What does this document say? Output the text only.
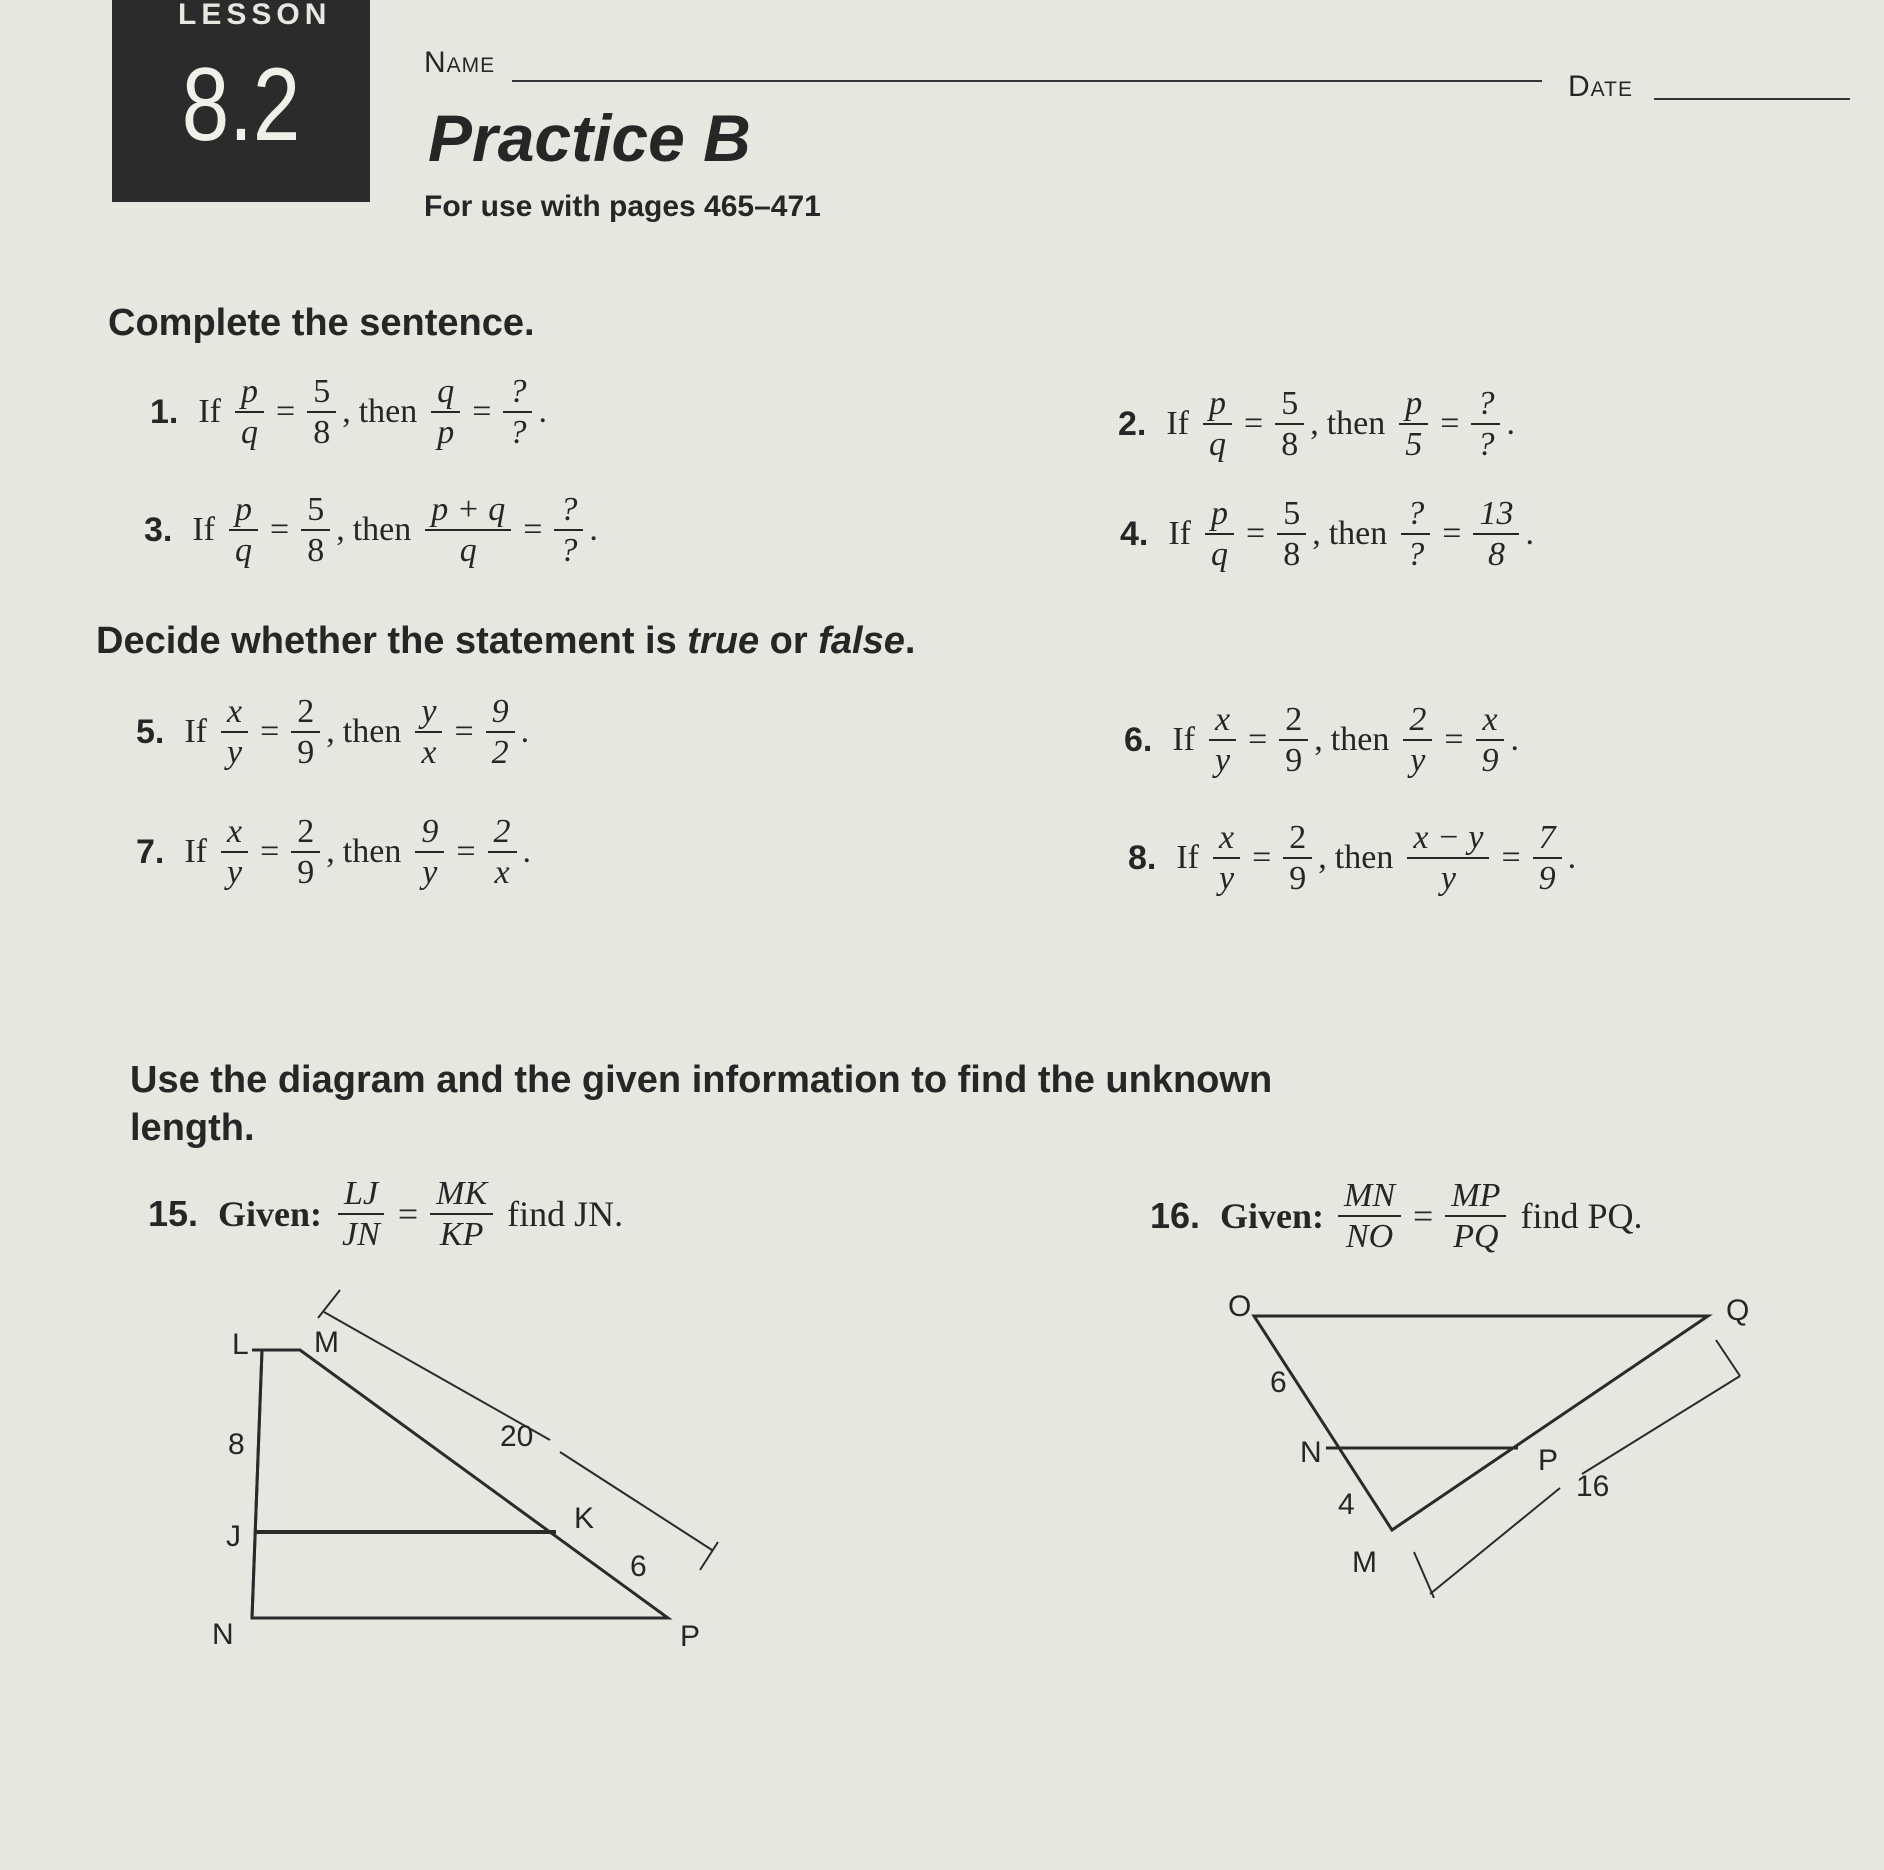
LESSON
8.2	Name
Date
Practice B
For use with pages 465–471
Complete the sentence.
1. If $\frac{p}{q} = \frac{5}{8}$ , then $\frac{q}{p} = \frac{?}{?}$ .	2. If $\frac{p}{q} = \frac{5}{8}$ , then $\frac{p}{5} = \frac{?}{?}$ .
3. If $\frac{p}{q} = \frac{5}{8}$ , then $\frac{p + q}{q} = \frac{?}{?}$ .	4. If $\frac{p}{q} = \frac{5}{8}$ , then $\frac{?}{?} = \frac{13}{8}$ .
Decide whether the statement is true or false.
5. If $\frac{x}{y} = \frac{2}{9}$ , then $\frac{y}{x} = \frac{9}{2}$ .	6. If $\frac{x}{y} = \frac{2}{9}$ , then $\frac{2}{y} = \frac{x}{9}$ .
7. If $\frac{x}{y} = \frac{2}{9}$ , then $\frac{9}{y} = \frac{2}{x}$ .	8. If $\frac{x}{y} = \frac{2}{9}$ , then $\frac{x - y}{y} = \frac{7}{9}$ .
Use the diagram and the given information to find the unknown
length.
15. Given: $\frac{LJ}{JN} = \frac{MK}{KP}$ find JN.	16. Given: $\frac{MN}{NO} = \frac{MP}{PQ}$ find PQ.
L M
8	20
J
K
6
N	P
O	Q
6
N	P
16
4
M
